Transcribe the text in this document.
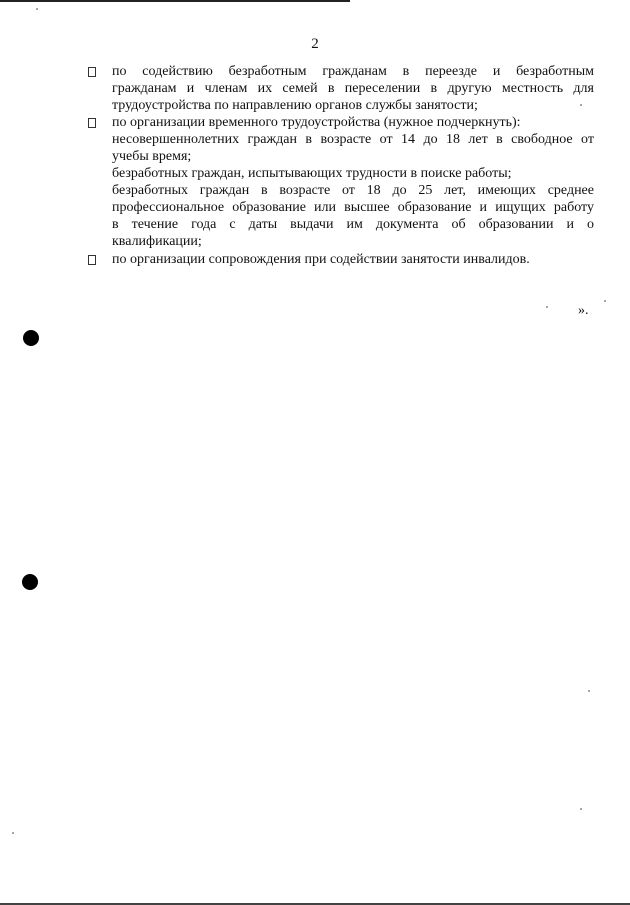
2
по содействию безработным гражданам в переезде и безработным
гражданам и членам их семей в переселении в другую местность для
трудоустройства по направлению органов службы занятости;
по организации временного трудоустройства (нужное подчеркнуть):
несовершеннолетних граждан в возрасте от 14 до 18 лет в свободное от
учебы время;
безработных граждан, испытывающих трудности в поиске работы;
безработных граждан в возрасте от 18 до 25 лет, имеющих среднее
профессиональное образование или высшее образование и ищущих работу
в течение года с даты выдачи им документа об образовании и о
квалификации;
по организации сопровождения при содействии занятости инвалидов.
».
